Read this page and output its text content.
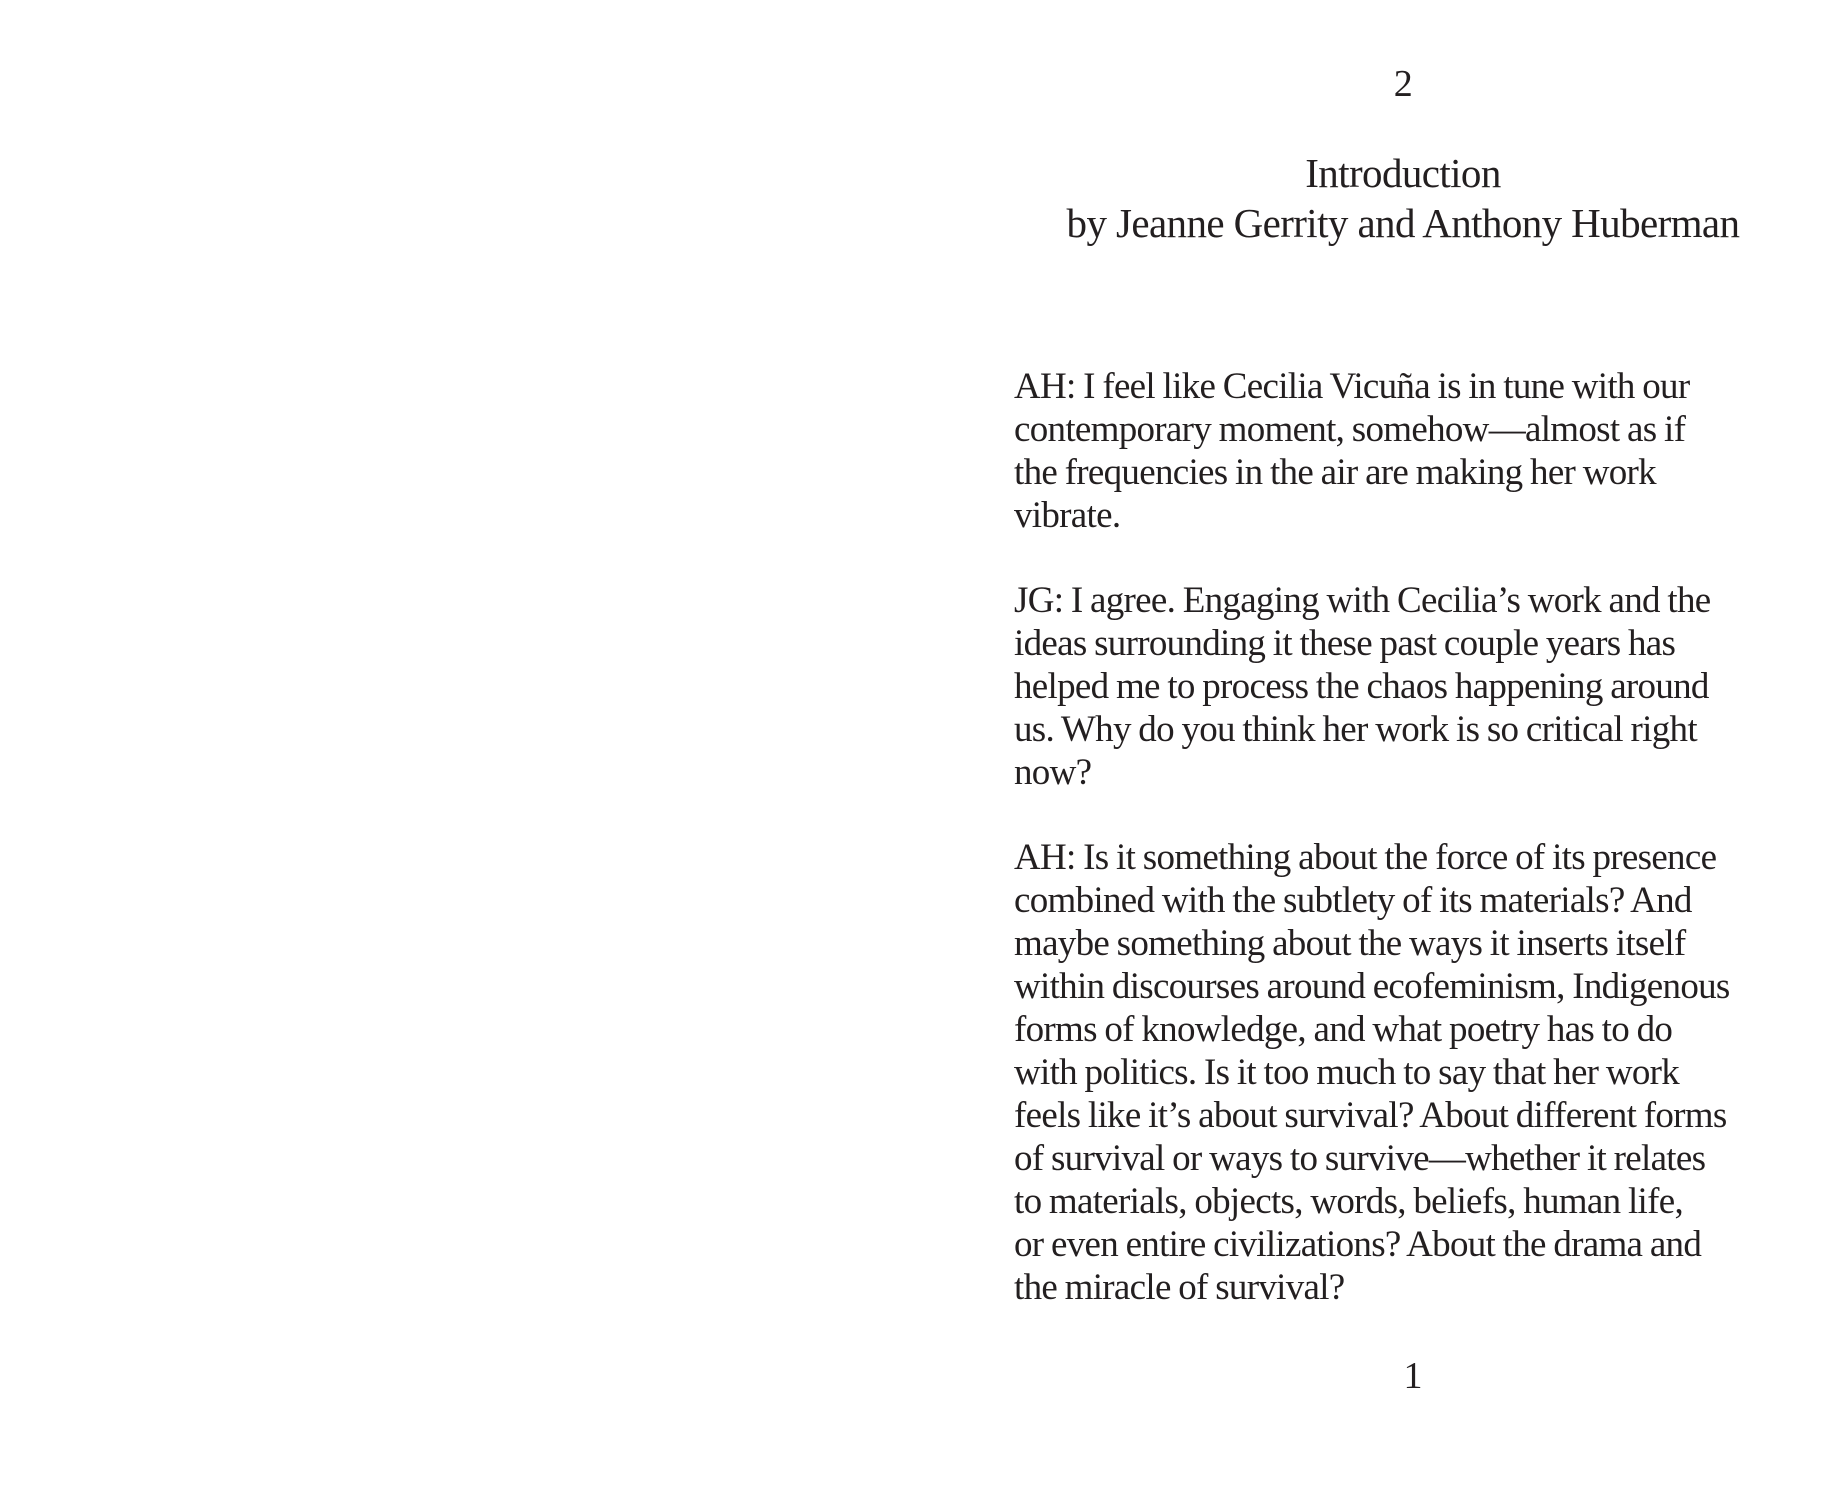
2
Introduction
by Jeanne Gerrity and Anthony Huberman

AH: I feel like Cecilia Vicuña is in tune with our
contemporary moment, somehow—almost as if
the frequencies in the air are making her work
vibrate.

JG: I agree. Engaging with Cecilia’s work and the
ideas surrounding it these past couple years has
helped me to process the chaos happening around
us. Why do you think her work is so critical right
now?

AH: Is it something about the force of its presence
combined with the subtlety of its materials? And
maybe something about the ways it inserts itself
within discourses around ecofeminism, Indigenous
forms of knowledge, and what poetry has to do
with politics. Is it too much to say that her work
feels like it’s about survival? About different forms
of survival or ways to survive—whether it relates
to materials, objects, words, beliefs, human life,
or even entire civilizations? About the drama and
the miracle of survival?

1
